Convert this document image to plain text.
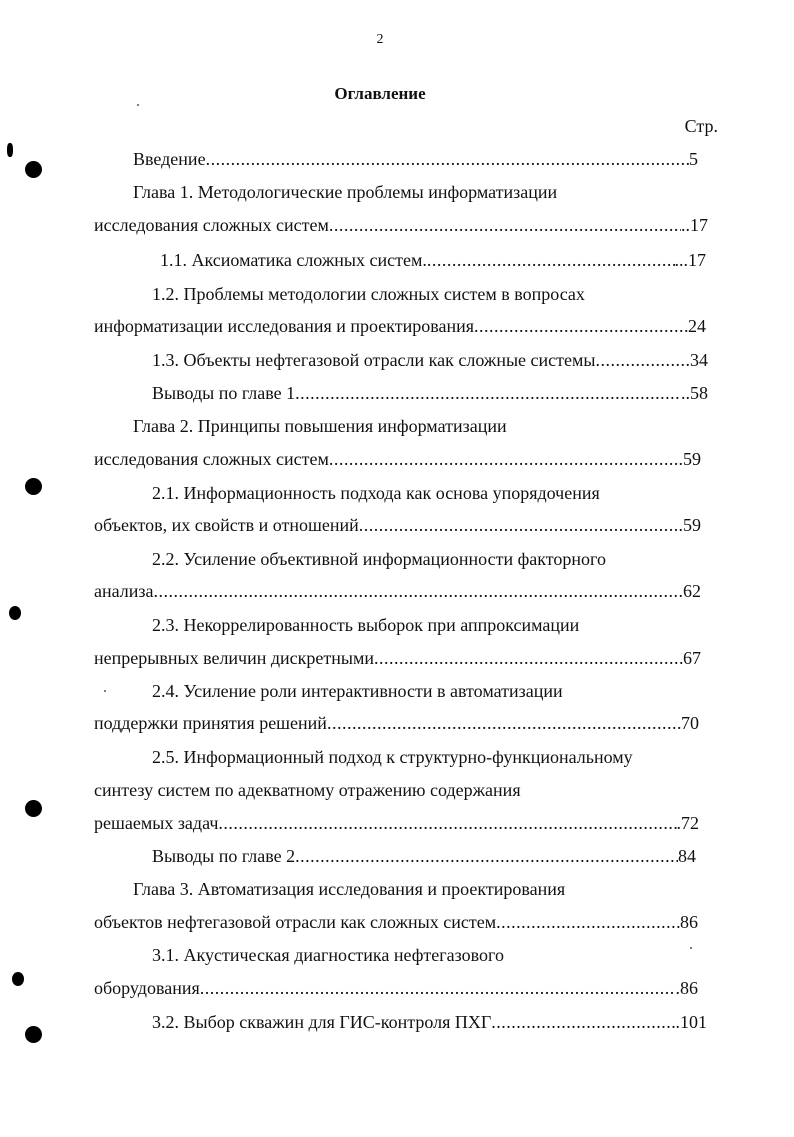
2
Оглавление
Стр.
Введение .....	5
Глава 1. Методологические проблемы информатизации
исследования сложных систем .....	..17
1.1. Аксиоматика сложных систем. .....	...17
1.2. Проблемы методологии сложных систем в вопросах
информатизации исследования и проектирования .....	24
1.3. Объекты нефтегазовой отрасли как сложные системы .....	34
Выводы по главе 1 .....	..58
Глава 2. Принципы повышения информатизации
исследования сложных систем .....	.59
2.1. Информационность подхода как основа упорядочения
объектов, их свойств и отношений .....	.59
2.2. Усиление объективной информационности факторного
анализа .....	62
2.3. Некоррелированность выборок при аппроксимации
непрерывных величин дискретными .....	67
2.4. Усиление роли интерактивности в автоматизации
поддержки принятия решений .....	70
2.5. Информационный подход к структурно-функциональному
синтезу систем по адекватному отражению содержания
решаемых задач .....	.72
Выводы по главе 2 .....	84
Глава 3. Автоматизация исследования и проектирования
объектов нефтегазовой отрасли как сложных систем .....	86
3.1. Акустическая диагностика нефтегазового
оборудования .....	.86
3.2. Выбор скважин для ГИС-контроля ПХГ .....	.101
